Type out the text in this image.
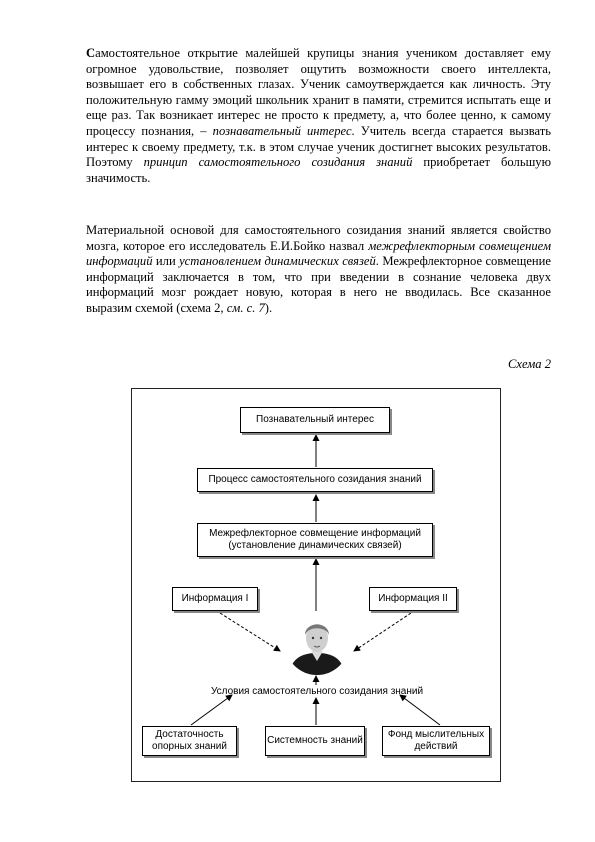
Самостоятельное открытие малейшей крупицы знания учеником доставляет ему огромное удовольствие, позволяет ощутить возможности своего интеллекта, возвышает его в собственных глазах. Ученик самоутверждается как личность. Эту положительную гамму эмоций школьник хранит в памяти, стремится испытать еще и еще раз. Так возникает интерес не просто к предмету, а, что более ценно, к самому процессу познания, – познавательный интерес. Учитель всегда старается вызвать интерес к своему предмету, т.к. в этом случае ученик достигнет высоких результатов. Поэтому принцип самостоятельного созидания знаний приобретает большую значимость.
Материальной основой для самостоятельного созидания знаний является свойство мозга, которое его исследователь Е.И.Бойко назвал межрефлекторным совмещением информаций или установлением динамических связей. Межрефлекторное совмещение информаций заключается в том, что при введении в сознание человека двух информаций мозг рождает новую, которая в него не вводилась. Все сказанное выразим схемой (схема 2, см. с. 7).
Схема 2
Познавательный интерес
Процесс самостоятельного созидания знаний
Межрефлекторное совмещение информаций
(установление динамических связей)
Информация I	Информация II
Условия самостоятельного созидания знаний
Достаточность опорных знаний
Системность знаний
Фонд мыслительных действий
